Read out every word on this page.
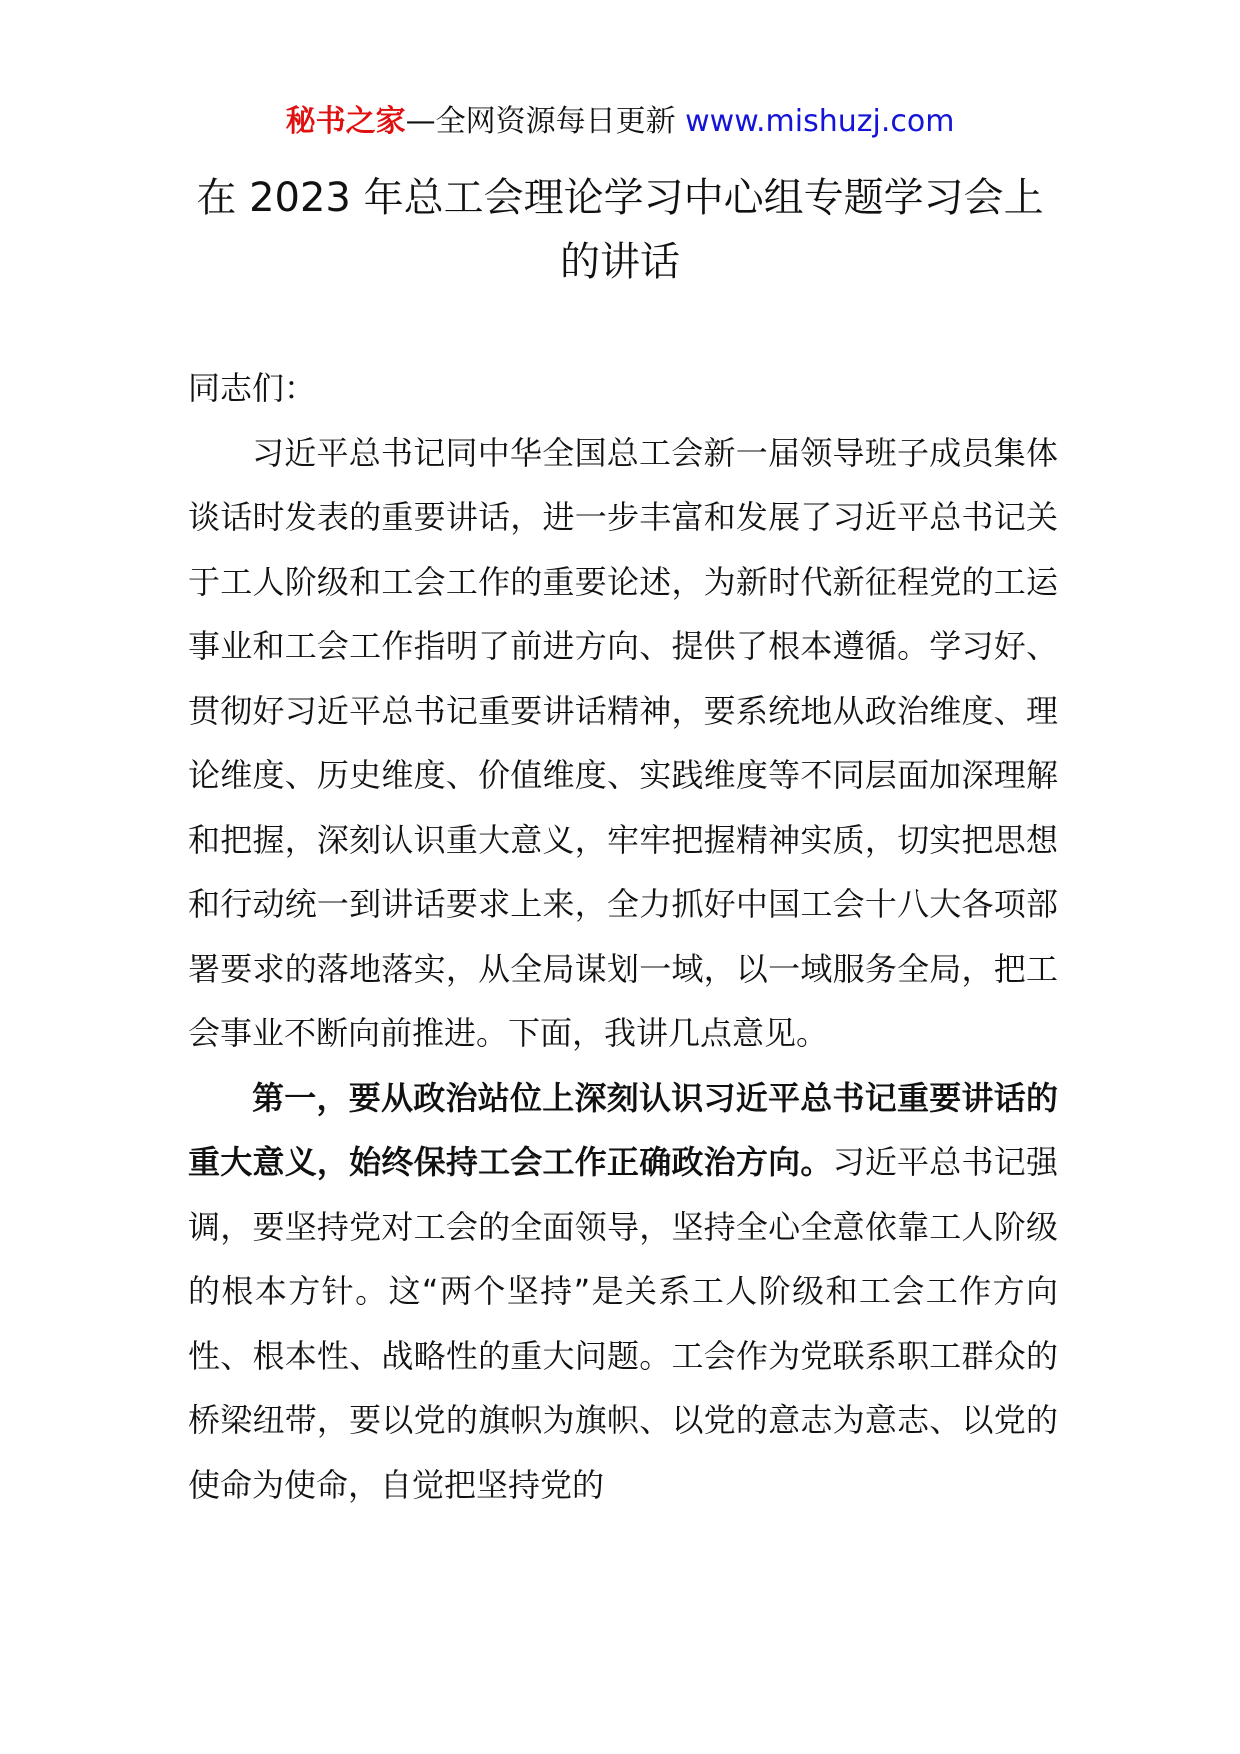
秘书之家—全网资源每日更新 www.mishuzj.com
在 2023 年总工会理论学习中心组专题学习会上
的讲话

同志们：

习近平总书记同中华全国总工会新一届领导班子成员集体谈话时发表的重要讲话，进一步丰富和发展了习近平总书记关于工人阶级和工会工作的重要论述，为新时代新征程党的工运事业和工会工作指明了前进方向、提供了根本遵循。学习好、贯彻好习近平总书记重要讲话精神，要系统地从政治维度、理论维度、历史维度、价值维度、实践维度等不同层面加深理解和把握，深刻认识重大意义，牢牢把握精神实质，切实把思想和行动统一到讲话要求上来，全力抓好中国工会十八大各项部署要求的落地落实，从全局谋划一域，以一域服务全局，把工会事业不断向前推进。下面，我讲几点意见。

第一，要从政治站位上深刻认识习近平总书记重要讲话的重大意义，始终保持工会工作正确政治方向。习近平总书记强调，要坚持党对工会的全面领导，坚持全心全意依靠工人阶级的根本方针。这“两个坚持”是关系工人阶级和工会工作方向性、根本性、战略性的重大问题。工会作为党联系职工群众的桥梁纽带，要以党的旗帜为旗帜、以党的意志为意志、以党的使命为使命，自觉把坚持党的
